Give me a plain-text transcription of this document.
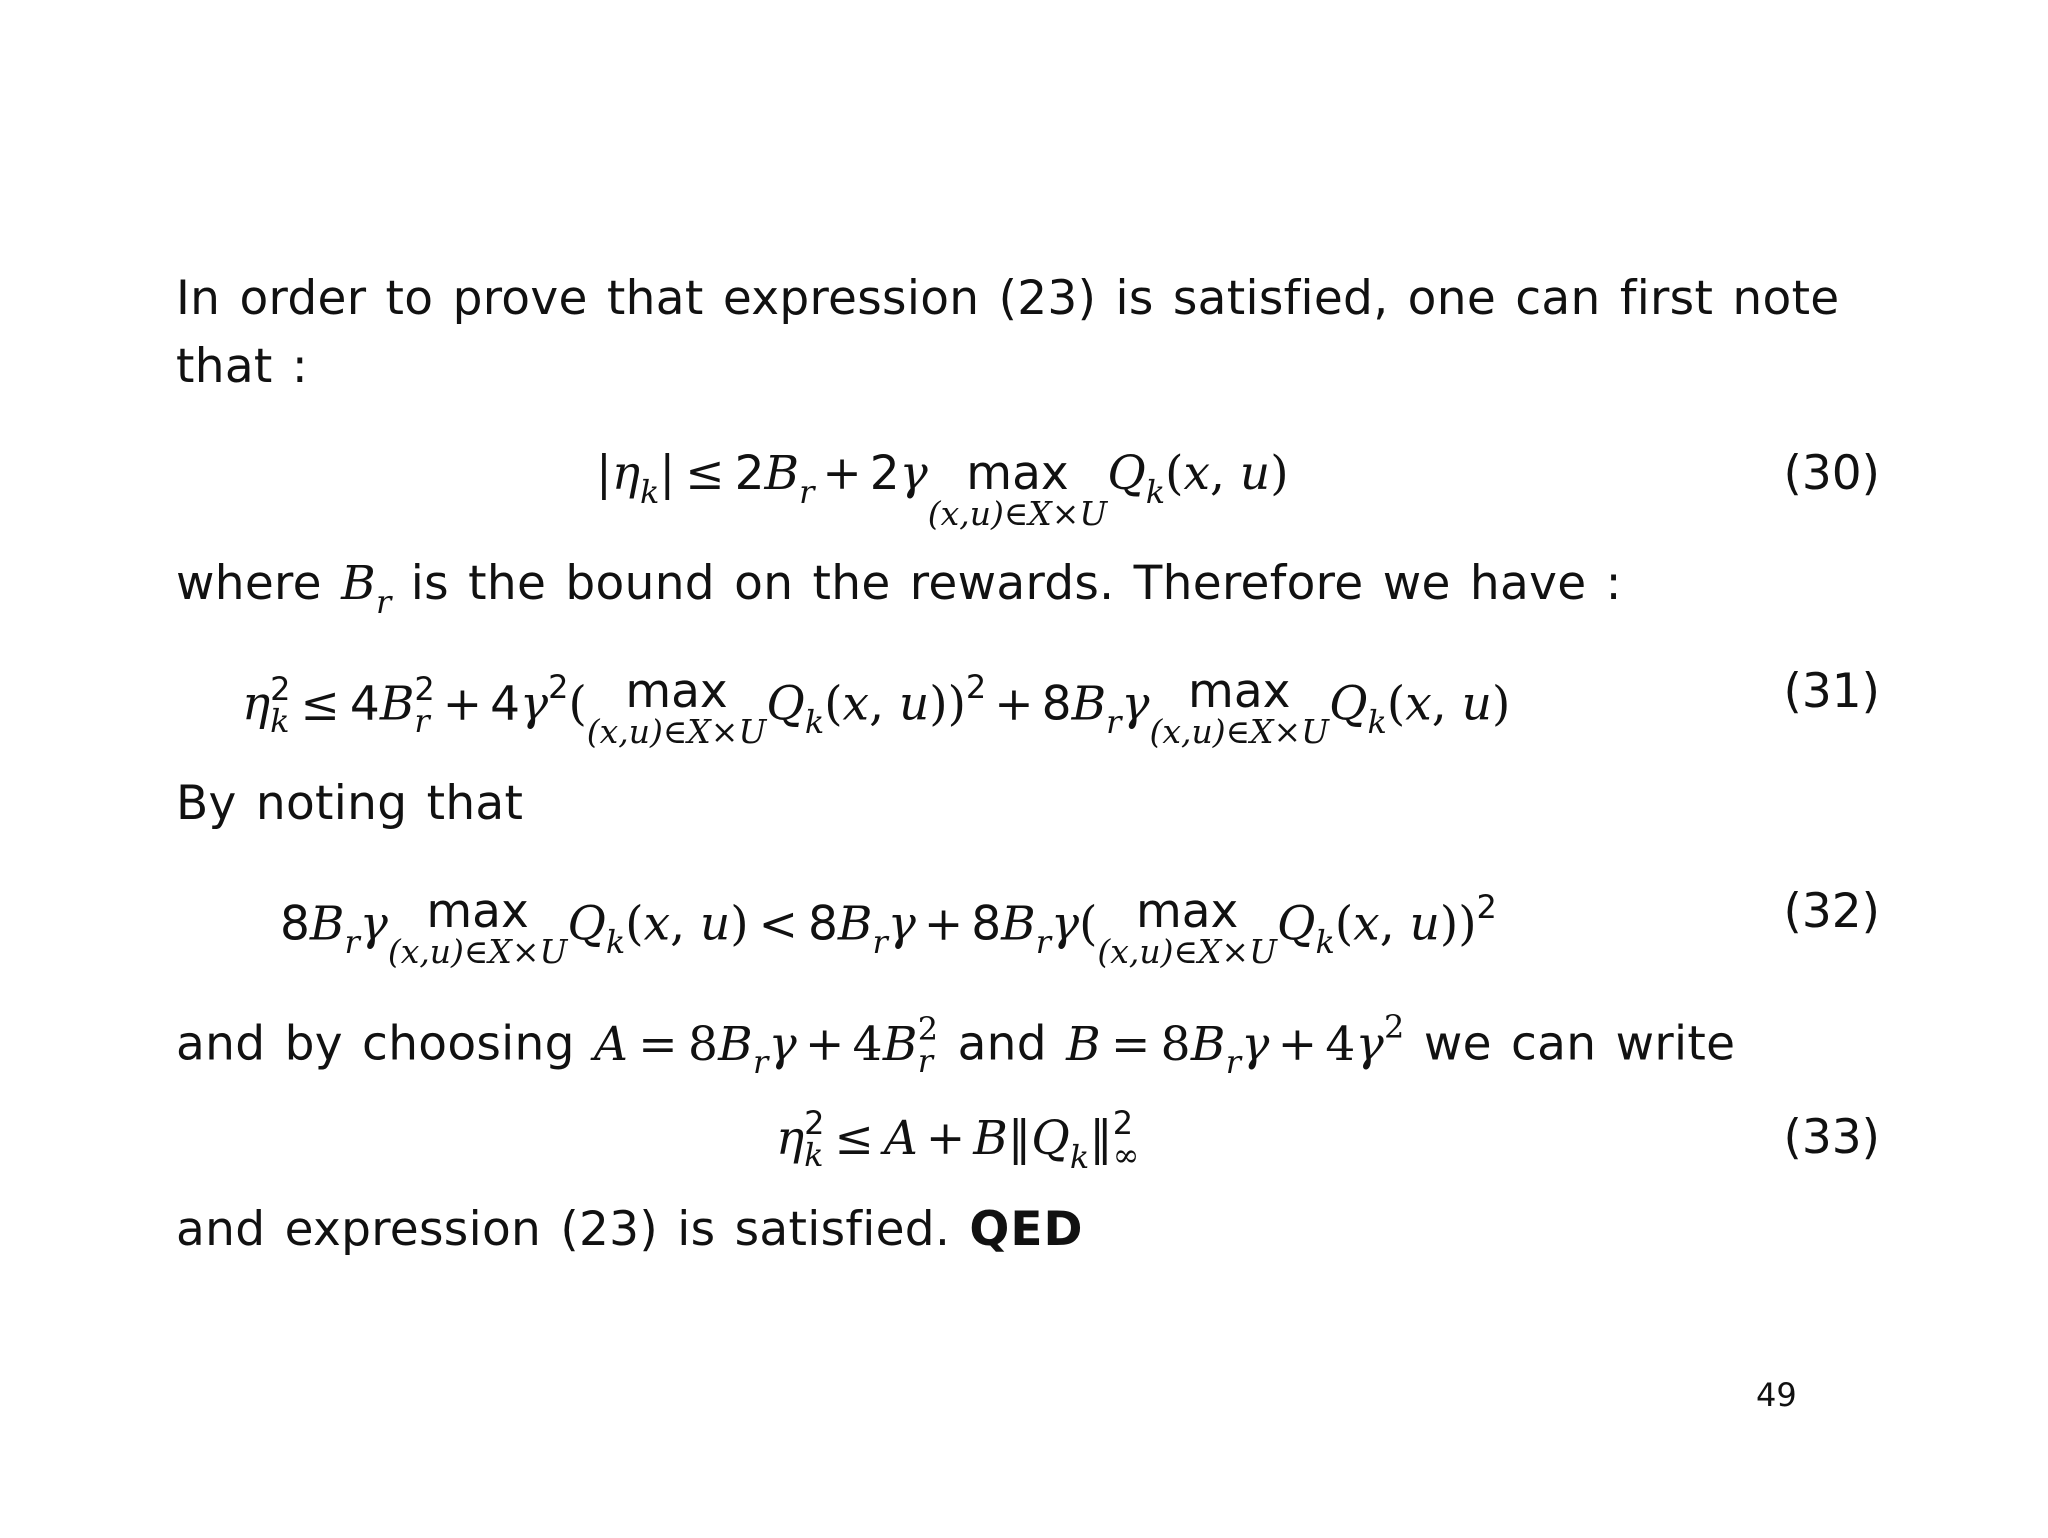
In order to prove that expression (23) is satisfied, one can first note
that :
$|\eta_k| \le 2B_r + 2\gamma$ max
(x,u)∈X×U
$Q_k(x$, u)	(30)
where $B_r$ is the bound on the rewards. Therefore we have :
η 2
k ≤ 4B 2
$r + 4\gamma^2$( max
(x,u)∈X×U $Q_k(x$, $u))^2 + 8B_r\gamma$ max
(x,u)∈X×U $Q_k(x$, u)	(31)
By noting that
$8B_r\gamma$ max
(x,u)∈X×U $Q_k(x$, $u) < 8B_r\gamma + 8B_r\gamma$( max
(x,u)∈X×U $Q_k(x$, u))$^2$	(32)
and by choosing $A = 8B_r\gamma + 4B$ 2
r and $B = 8B_r\gamma + 4\gamma^2$ we can write
η 2
$k \le A + B‖Q_k‖$ 2
∞	(33)
and expression (23) is satisfied. QED
49
